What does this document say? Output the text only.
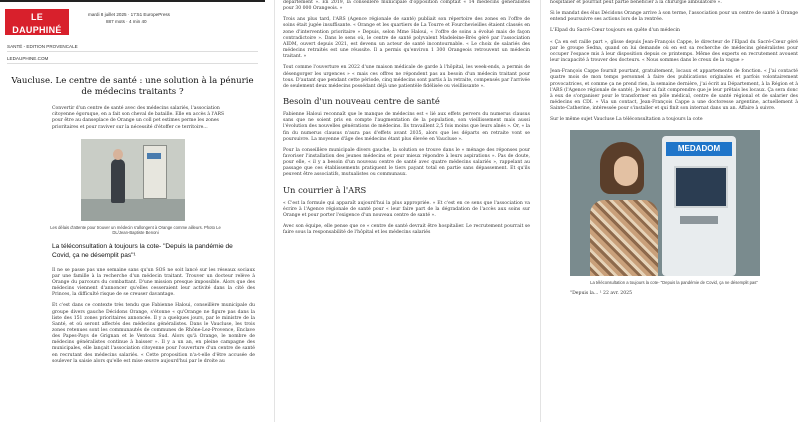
LE DAUPHINÉ
WEB
mardi 8 juillet 2025 · 17:51 EuropePress
887 mots · 4 min 40
SANTÉ - EDITION PROVENCALE
LEDAUPHINE.COM
Vaucluse. Le centre de santé : une solution à la pénurie de médecins traitants ?
Convertir d'un centre de santé avec des médecins salariés, l'association citoyenne égoruque, en a fait son cheval de bataille. Elle en accès à l'ARS pour être au danseplace de Orange un coll pet estimes perme les zones prioritaires et pour raviver sur la nécessité d'étoffer ce territoire...
Les délais d'attente pour trouver un médecin s'allongent à Orange comme ailleurs. Photo Le DL/Jean-Baptiste Benoni
La téléconsultation à toujours la cote- "Depuis la pandémie de Covid, ça ne désemplit pas"¹

Il ne se passe pas une semaine sans qu'un SOS ne soit lancé sur les réseaux sociaux par une famille à la recherche d'un médecin traitant. Trouver un docteur relève à Orange du parcours du combattant. D'une mission presque impossible. Alors que des médecins viennent d'annoncer qu'elles cesseraient leur activité dans la cité des Princes, la difficulté risque de se creuser davantage.

Et c'est dans ce contexte très tendu que Fabienne Haloui, conseillère municipale du groupe divers gauche Décidons Orange, s'étonne « qu'Orange ne figure pas dans la liste des 151 zones prioritaires annoncée. Il y a quelques jours, par le ministre de la Santé, et où seront affectés des médecins généralistes. Dans le Vaucluse, les trois zones retenues sont les communautés de communes de Rhône-Lez-Provence, Enclave des Papes-Pays de Grignan et le Ventoux Sud. Alors qu'à Orange, le nombre de médecins généralistes continue à baisser ». Il y a un an, en pleine campagne des municipales, elle lançait l'association citoyenne pour l'ouverture d'un centre de santé en recrutant des médecins salariés. « Cette proposition n'a-t-elle d'être accusée de soulever la saisie alors qu'elle est mise œuvre aujourd'hui par le droite au

département ». En 2019, la conseillère municipale d'opposition comptait « 14 médecins généralistes pour 30 000 Orangeois. »

Trois ans plus tard, l'ARS (Agence régionale de santé) publiait son répertoire des zones en l'offre de soins était jugée insuffisante. « Orange et les quartiers de La Tourre et Fourchevieilles étaient classés en zone d'intervention prioritaire » Depuis, selon Mme Haloui, « l'offre de soins a évolué mais de façon contradictoire ». Dans le sens où, le centre de santé polyvalent Madeleine-Brès géré par l'association AIDM, ouvert depuis 2021, est devenu un acteur de santé incontournable. « Le choix de salariés des médecins retraités est une réussite. Il a permis qu'environ 1 300 Orangeois retrouvent un médecin traitant. »

Tout comme l'ouverture en 2022 d'une maison médicale de garde à l'hôpital, les week-ends, a permis de désengorger les urgences » « mais ces offres ne répondent pas au besoin d'un médecin traitant pour tous. D'autant que pendant cette période, cinq médecins sont partis à la retraite, compensés par l'arrivée de seulement deux médecins possédant déjà une patientèle fidélisée ou vieillissante ».

Besoin d'un nouveau centre de santé

Fabienne Haloui reconnaît que le manque de médecins est « lié aux effets pervers du numerus clausus sans que ne soient pris en compte l'augmentation de la population, son vieillissement mais aussi l'évolution des nouvelles générations de médecins. Ils travaillent 2,5 fois moins que leurs aînés ». Or, « la fin du numerus clausus n'aura pas d'effets avant 2035, alors que les départs en retraite vont se poursuivre. La moyenne d'âge des médecins étant plus élevée en Vaucluse ».

Pour la conseillère municipale divers gauche, la solution se trouve dans le « ménage des réponses pour favoriser l'installation des jeunes médecins et pour mieux répondre à leurs aspirations ». Pas de doute, pour elle, « il y a besoin d'un nouveau centre de santé avec quatre médecins salariés », rappelant au passage que ces établissements pratiquent le tiers payant total en partie sans dépassement. Et qu'ils peuvent être associatifs, mutualistes ou communaux.

Un courrier à l'ARS

« C'est la formule qui apparaît aujourd'hui la plus appropriée. » Et c'est en ce sens que l'association va écrire à l'Agence régionale de santé pour « leur faire part de la dégradation de l'accès aux soins sur Orange et pour porter l'exigence d'un nouveau centre de santé ».

Avec son équipe, elle pense que ce « centre de santé devrait être hospitalier. Le recrutement pourrait se faire sous la responsabilité de l'hôpital et les médecins salariés

hospitalier et pourrait peut partie bénéficier à la chirurgie ambulatoire ».

Si le mandat des élus Décidons Orange arrive à son terme, l'association pour un centre de santé à Orange entend poursuivre ses actions lors de la rentrée.

L'Elpad du Sacré-Cœur toujours en quête d'un médecin

« Ça en est raille part », glisse depuis Jean-François Cappe, le directeur de l'Elpad du Sacré-Cœur géré par le groupe Sedna, quand on lui demande où en est sa recherche de médecins généralistes pour occuper l'espace mis à leur disposition depuis ce printemps. Même des experts en recrutement avouent leur incapacité à trouver des docteurs. « Nous sommes dans le creux de la vague »

Jean-François Cappe fournit pourtant, gratuitement, locaux et appartements de fonction. « J'ai contacté quatre mois de mon temps personnel à faire des publications originales et parfois volontairement provocatrices, et comme ça ne prend rien, la semaine dernière, j'ai écrit au Département, à la Région et à l'ARS (l'Agence régionale de santé). Je leur ai fait comprendre que je leur prêtais les locaux. Ça sera donc à eux de s'organiser pour le transformer en pôle médical, centre de santé régional et de salarier des médecins en CDI. » Via un contact, Jean-François Cappe a une doctoresse argentine, actuellement à Sainte-Catherine, intéressée pour s'installer et qui finit son internat dans un an. Affaire à suivre.

Sur le même sujet Vaucluse La téléconsultation a toujours la cote

MEDADOM
La téléconsultation a toujours la cote- "Depuis la pandémie de Covid, ça ne désemplit pas"
"Depuis la... ¹ 22 avr. 2025
